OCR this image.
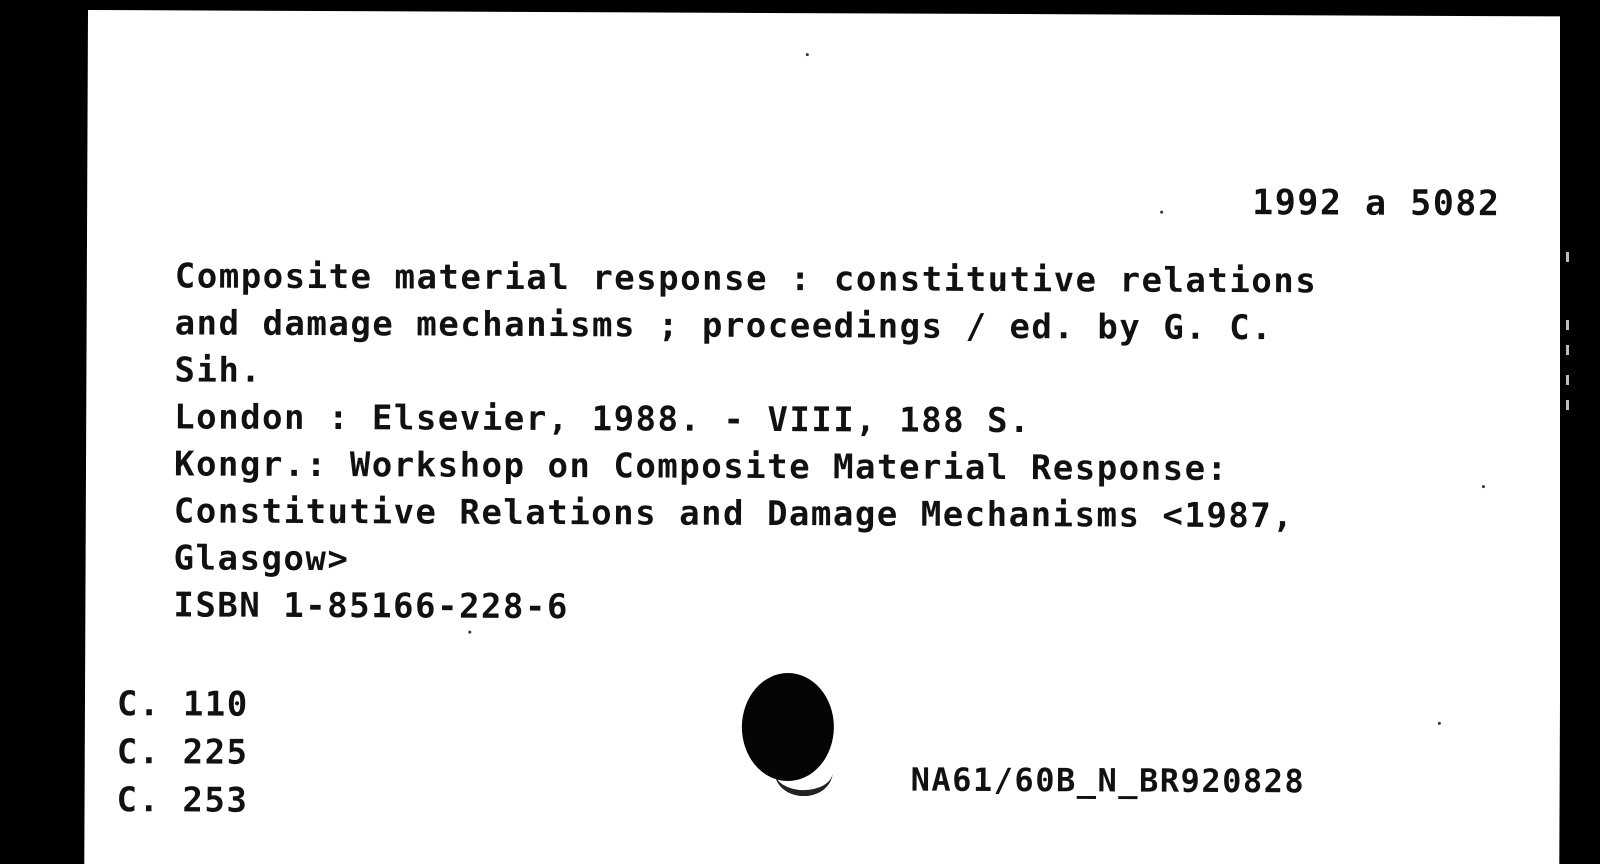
1992 a 5082
Composite material response : constitutive relations
and damage mechanisms ; proceedings / ed. by G. C.
Sih.
London : Elsevier, 1988. - VIII, 188 S.
Kongr.: Workshop on Composite Material Response:
Constitutive Relations and Damage Mechanisms <1987,
Glasgow>
ISBN 1-85166-228-6
C. 110
C. 225
C. 253	NA61/60B_N_BR920828
